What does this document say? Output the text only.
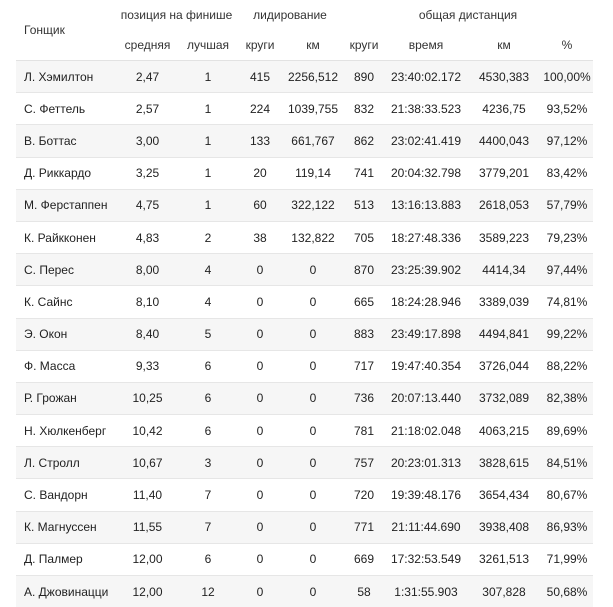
Гонщик	позиция на финише		лидирование		общая дистанция			
	средняя	лучшая	круги	км	круги	время	км	%
Л. Хэмилтон	2,47	1	415	2256,512	890	23:40:02.172	4530,383	100,00%
С. Феттель	2,57	1	224	1039,755	832	21:38:33.523	4236,75	93,52%
В. Боттас	3,00	1	133	661,767	862	23:02:41.419	4400,043	97,12%
Д. Риккардо	3,25	1	20	119,14	741	20:04:32.798	3779,201	83,42%
М. Ферстаппен	4,75	1	60	322,122	513	13:16:13.883	2618,053	57,79%
К. Райкконен	4,83	2	38	132,822	705	18:27:48.336	3589,223	79,23%
С. Перес	8,00	4	0	0	870	23:25:39.902	4414,34	97,44%
К. Сайнс	8,10	4	0	0	665	18:24:28.946	3389,039	74,81%
Э. Окон	8,40	5	0	0	883	23:49:17.898	4494,841	99,22%
Ф. Масса	9,33	6	0	0	717	19:47:40.354	3726,044	88,22%
Р. Грожан	10,25	6	0	0	736	20:07:13.440	3732,089	82,38%
Н. Хюлкенберг	10,42	6	0	0	781	21:18:02.048	4063,215	89,69%
Л. Стролл	10,67	3	0	0	757	20:23:01.313	3828,615	84,51%
С. Вандорн	11,40	7	0	0	720	19:39:48.176	3654,434	80,67%
К. Магнуссен	11,55	7	0	0	771	21:11:44.690	3938,408	86,93%
Д. Палмер	12,00	6	0	0	669	17:32:53.549	3261,513	71,99%
А. Джовинацци	12,00	12	0	0	58	1:31:55.903	307,828	50,68%
